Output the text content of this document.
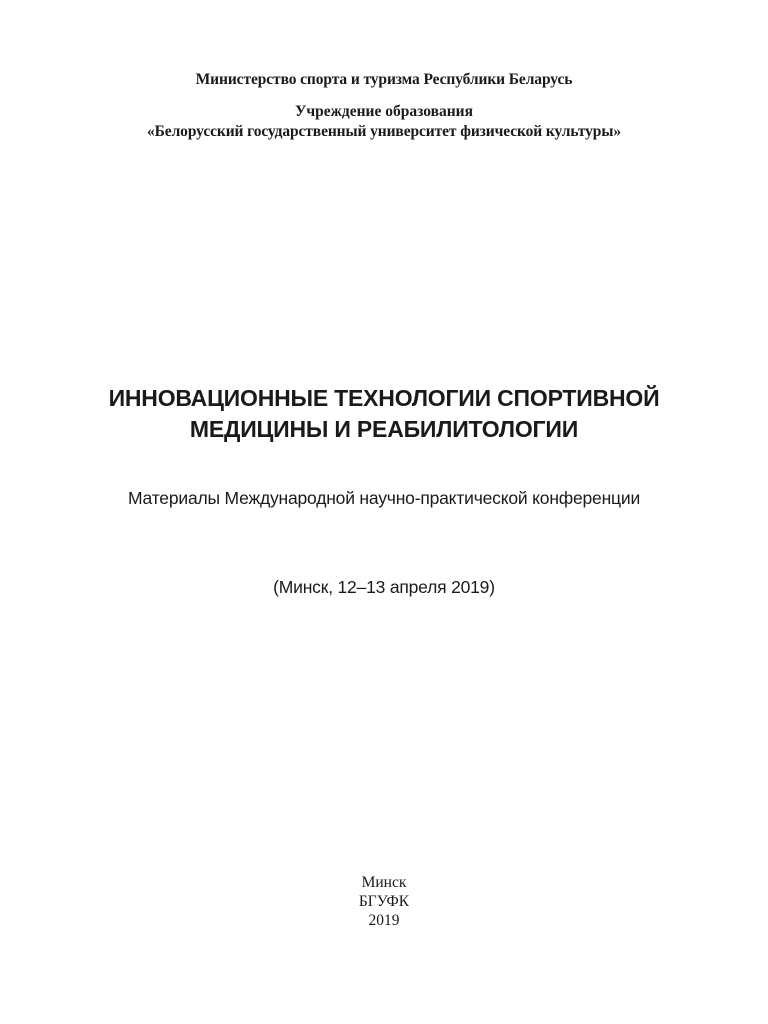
Министерство спорта и туризма Республики Беларусь
Учреждение образования
«Белорусский государственный университет физической культуры»
ИННОВАЦИОННЫЕ ТЕХНОЛОГИИ СПОРТИВНОЙ
МЕДИЦИНЫ И РЕАБИЛИТОЛОГИИ
Материалы Международной научно-практической конференции
(Минск, 12–13 апреля 2019)
Минск
БГУФК
2019
